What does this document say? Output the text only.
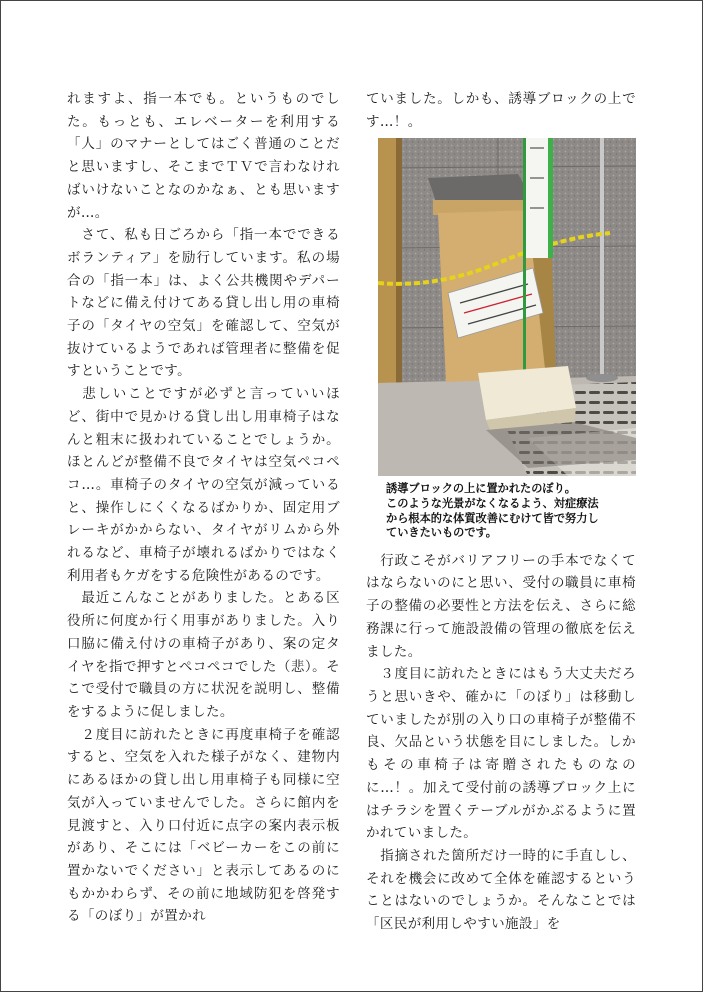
れますよ、指一本でも。というものでした。もっとも、エレベーターを利用する「人」のマナーとしてはごく普通のことだと思いますし、そこまでＴＶで言わなければいけないことなのかなぁ、とも思いますが…。

　さて、私も日ごろから「指一本でできるボランティア」を励行しています。私の場合の「指一本」は、よく公共機関やデパートなどに備え付けてある貸し出し用の車椅子の「タイヤの空気」を確認して、空気が抜けているようであれば管理者に整備を促すということです。

　悲しいことですが必ずと言っていいほど、街中で見かける貸し出し用車椅子はなんと粗末に扱われていることでしょうか。ほとんどが整備不良でタイヤは空気ペコペコ…。車椅子のタイヤの空気が減っていると、操作しにくくなるばかりか、固定用ブレーキがかからない、タイヤがリムから外れるなど、車椅子が壊れるばかりではなく利用者もケガをする危険性があるのです。

　最近こんなことがありました。とある区役所に何度か行く用事がありました。入り口脇に備え付けの車椅子があり、案の定タイヤを指で押すとペコペコでした（悲）。そこで受付で職員の方に状況を説明し、整備をするように促しました。

　２度目に訪れたときに再度車椅子を確認すると、空気を入れた様子がなく、建物内にあるほかの貸し出し用車椅子も同様に空気が入っていませんでした。さらに館内を見渡すと、入り口付近に点字の案内表示板があり、そこには「ベビーカーをこの前に置かないでください」と表示してあるのにもかかわらず、その前に地域防犯を啓発する「のぼり」が置かれ

ていました。しかも、誘導ブロックの上です…！。

誘導ブロックの上に置かれたのぼり。
このような光景がなくなるよう、対症療法
から根本的な体質改善にむけて皆で努力し
ていきたいものです。

　行政こそがバリアフリーの手本でなくてはならないのにと思い、受付の職員に車椅子の整備の必要性と方法を伝え、さらに総務課に行って施設設備の管理の徹底を伝えました。

　３度目に訪れたときにはもう大丈夫だろうと思いきや、確かに「のぼり」は移動していましたが別の入り口の車椅子が整備不良、欠品という状態を目にしました。しかもその車椅子は寄贈されたものなのに…！。加えて受付前の誘導ブロック上にはチラシを置くテーブルがかぶるように置かれていました。

　指摘された箇所だけ一時的に手直しし、それを機会に改めて全体を確認するということはないのでしょうか。そんなことでは「区民が利用しやすい施設」を
